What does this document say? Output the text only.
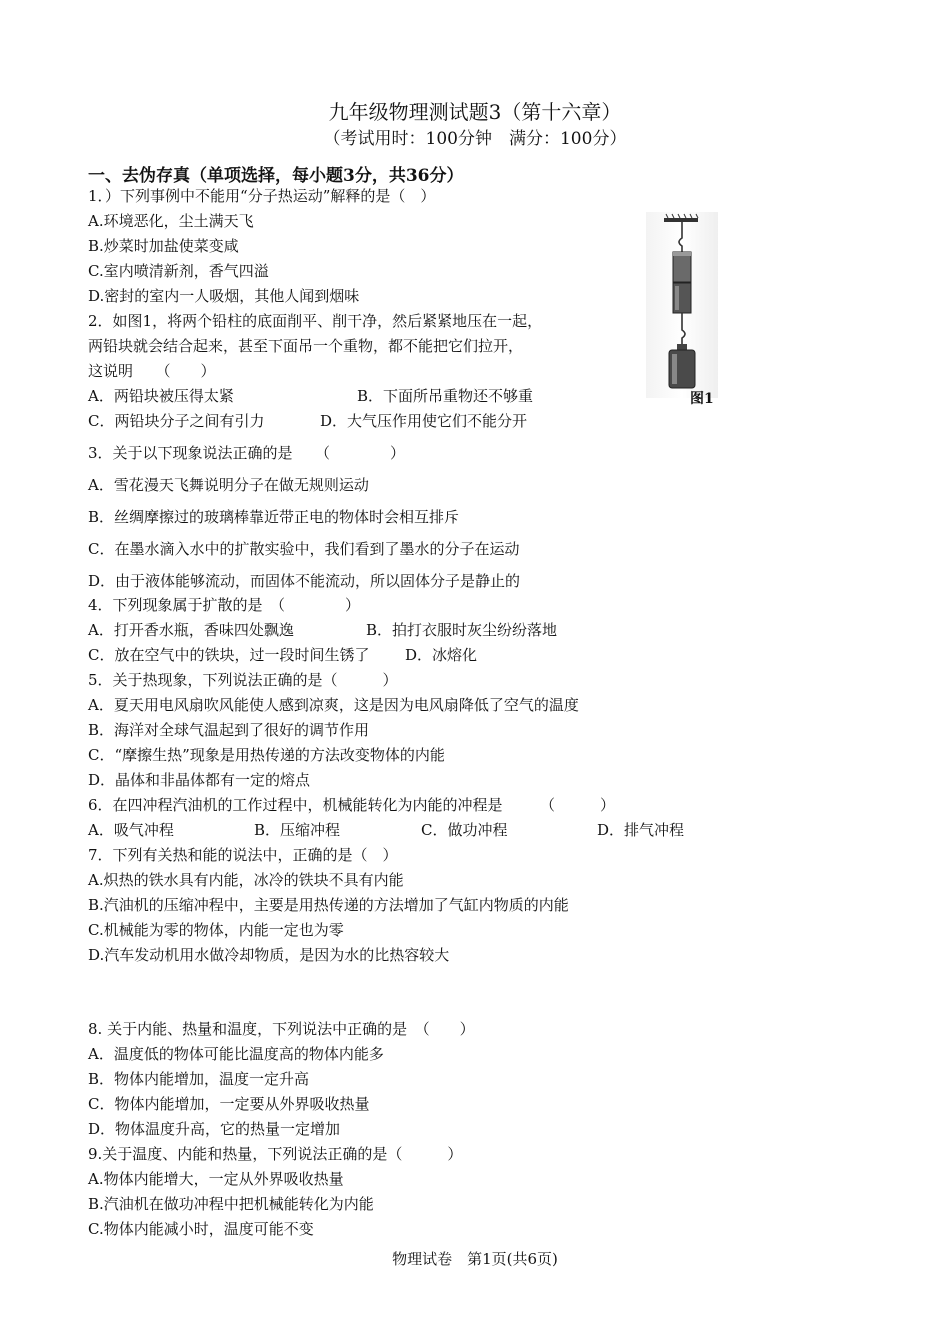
九年级物理测试题3（第十六章）
（考试用时：100分钟　满分：100分）
一、去伪存真（单项选择，每小题3分，共36分）
图1
1．）下列事例中不能用“分子热运动”解释的是（　）
A.环境恶化，尘土满天飞
B.炒菜时加盐使菜变咸
C.室内喷清新剂，香气四溢
D.密封的室内一人吸烟，其他人闻到烟味
2．如图1，将两个铅柱的底面削平、削干净，然后紧紧地压在一起，
两铅块就会结合起来，甚至下面吊一个重物，都不能把它们拉开，
这说明　　（　　）
A．两铅块被压得太紧	B．下面所吊重物还不够重
C．两铅块分子之间有引力	D．大气压作用使它们不能分开
3．关于以下现象说法正确的是　　（　　　　）
A．雪花漫天飞舞说明分子在做无规则运动
B．丝绸摩擦过的玻璃棒靠近带正电的物体时会相互排斥
C．在墨水滴入水中的扩散实验中，我们看到了墨水的分子在运动
D．由于液体能够流动，而固体不能流动，所以固体分子是静止的
4．下列现象属于扩散的是　（　　　　）
A．打开香水瓶，香味四处飘逸	B．拍打衣服时灰尘纷纷落地
C．放在空气中的铁块，过一段时间生锈了 D．冰熔化
5．关于热现象，下列说法正确的是（　　　）
A．夏天用电风扇吹风能使人感到凉爽，这是因为电风扇降低了空气的温度
B．海洋对全球气温起到了很好的调节作用
C．“摩擦生热”现象是用热传递的方法改变物体的内能
D．晶体和非晶体都有一定的熔点
6．在四冲程汽油机的工作过程中，机械能转化为内能的冲程是　　　（　　　）
A．吸气冲程	B．压缩冲程	C．做功冲程	D．排气冲程
7．下列有关热和能的说法中，正确的是（　）
A.炽热的铁水具有内能，冰冷的铁块不具有内能
B.汽油机的压缩冲程中，主要是用热传递的方法增加了气缸内物质的内能
C.机械能为零的物体，内能一定也为零
D.汽车发动机用水做冷却物质，是因为水的比热容较大
8. 关于内能、热量和温度，下列说法中正确的是　（　　）
A．温度低的物体可能比温度高的物体内能多
B．物体内能增加，温度一定升高
C．物体内能增加，一定要从外界吸收热量
D．物体温度升高，它的热量一定增加
9.关于温度、内能和热量，下列说法正确的是（　　　）
A.物体内能增大，一定从外界吸收热量
B.汽油机在做功冲程中把机械能转化为内能
C.物体内能减小时，温度可能不变
物理试卷　第1页(共6页)
